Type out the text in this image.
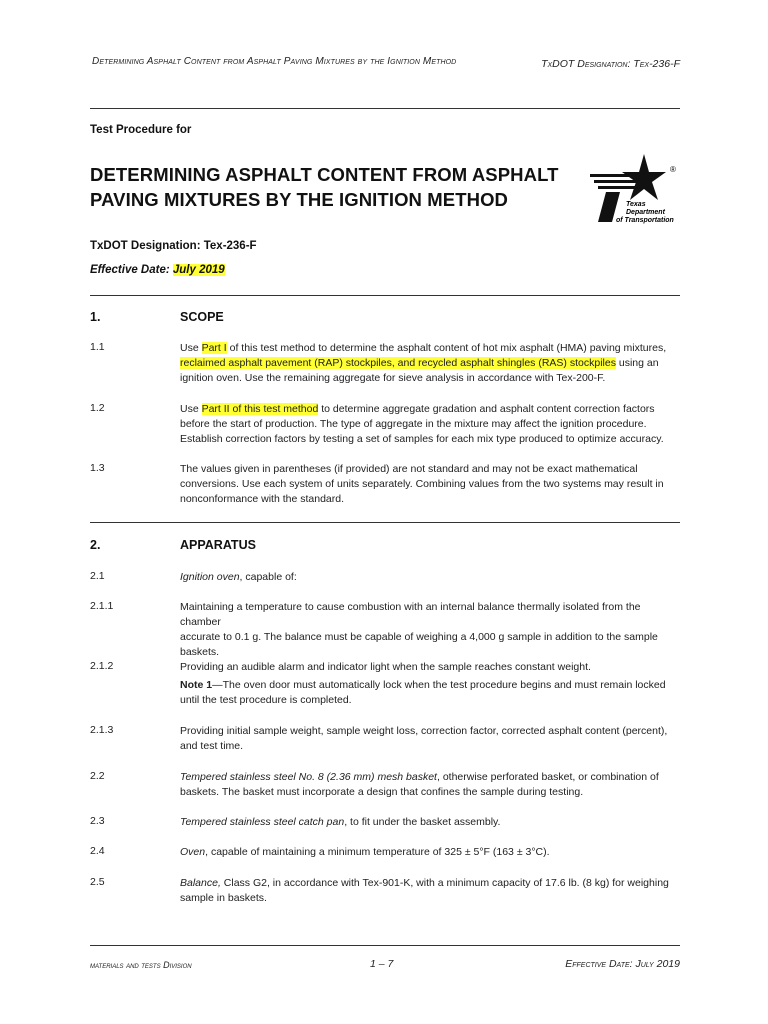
Determining Asphalt Content from Asphalt Paving Mixtures by the Ignition Method	TxDOT Designation: Tex-236-F
Test Procedure for
DETERMINING ASPHALT CONTENT FROM ASPHALT
PAVING MIXTURES BY THE IGNITION METHOD
®
Texas
Department
of Transportation
TxDOT Designation: Tex-236-F
Effective Date: July 2019
1.	SCOPE
1.1	Use Part I of this test method to determine the asphalt content of hot mix asphalt (HMA) paving mixtures,
reclaimed asphalt pavement (RAP) stockpiles, and recycled asphalt shingles (RAS) stockpiles using an
ignition oven. Use the remaining aggregate for sieve analysis in accordance with Tex-200-F.
1.2	Use Part II of this test method to determine aggregate gradation and asphalt content correction factors
before the start of production. The type of aggregate in the mixture may affect the ignition procedure.
Establish correction factors by testing a set of samples for each mix type produced to optimize accuracy.
1.3	The values given in parentheses (if provided) are not standard and may not be exact mathematical
conversions. Use each system of units separately. Combining values from the two systems may result in
nonconformance with the standard.
2.	APPARATUS
2.1	Ignition oven, capable of:
2.1.1	Maintaining a temperature to cause combustion with an internal balance thermally isolated from the chamber
accurate to 0.1 g. The balance must be capable of weighing a 4,000 g sample in addition to the sample
baskets.
2.1.2	Providing an audible alarm and indicator light when the sample reaches constant weight.
Note 1—The oven door must automatically lock when the test procedure begins and must remain locked
until the test procedure is completed.
2.1.3	Providing initial sample weight, sample weight loss, correction factor, corrected asphalt content (percent),
and test time.
2.2	Tempered stainless steel No. 8 (2.36 mm) mesh basket, otherwise perforated basket, or combination of
baskets. The basket must incorporate a design that confines the sample during testing.
2.3	Tempered stainless steel catch pan, to fit under the basket assembly.
2.4	Oven, capable of maintaining a minimum temperature of 325 ± 5°F (163 ± 3°C).
2.5	Balance, Class G2, in accordance with Tex-901-K, with a minimum capacity of 17.6 lb. (8 kg) for weighing
sample in baskets.
materials and tests Division	1 – 7	Effective Date: July 2019
